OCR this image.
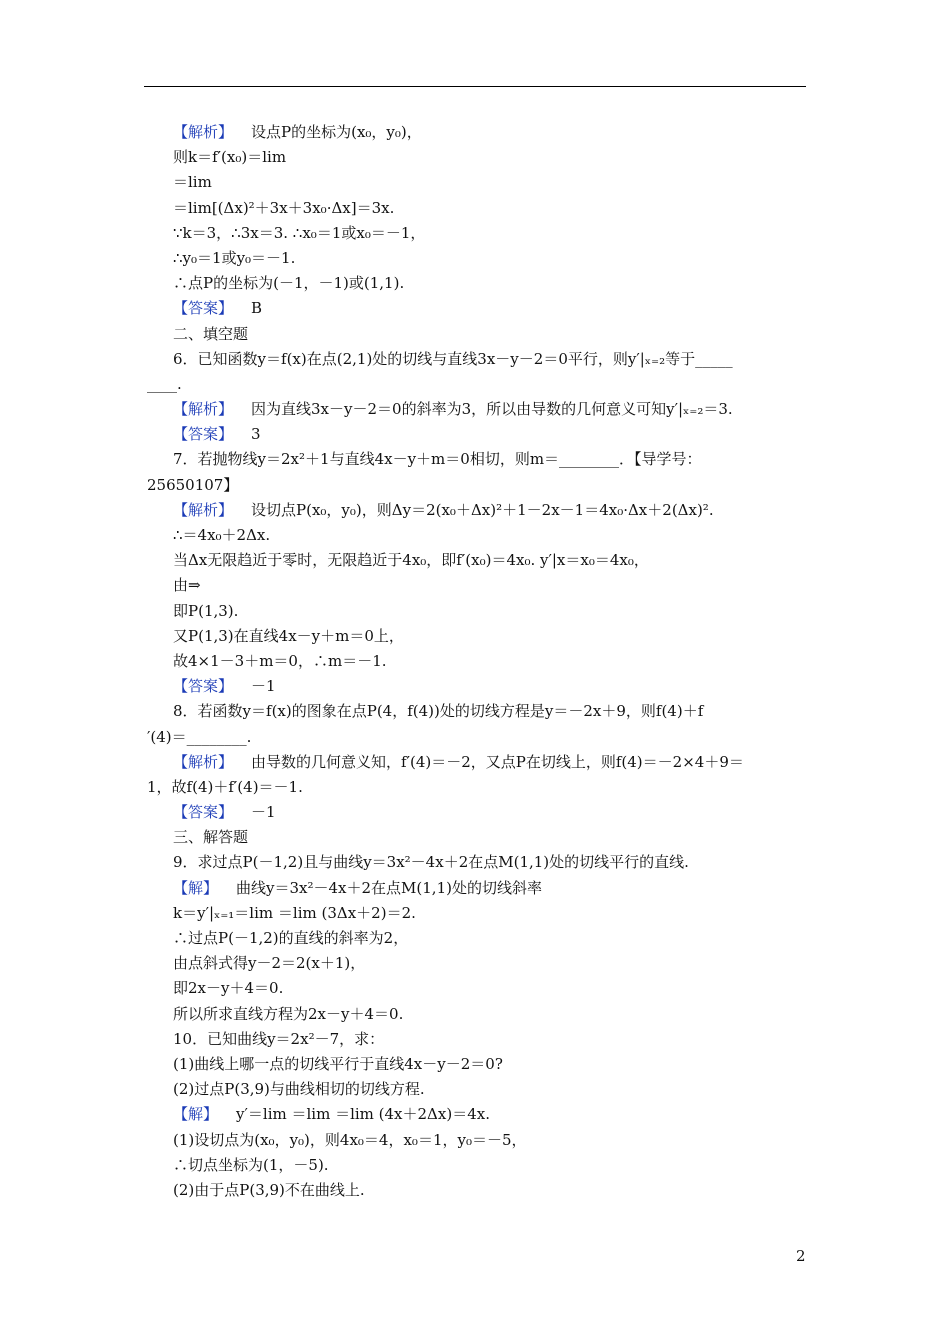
【解析】 设点P的坐标为(x₀，y₀)，
则k＝f′(x₀)＝lim
＝lim
＝lim[(Δx)²＋3x＋3x₀·Δx]＝3x.
∵k＝3，∴3x＝3. ∴x₀＝1或x₀＝－1，
∴y₀＝1或y₀＝－1.
∴点P的坐标为(－1，－1)或(1,1).
【答案】 B
二、填空题
6．已知函数y＝f(x)在点(2,1)处的切线与直线3x－y－2＝0平行，则y′|ₓ₌₂等于_____
____.
【解析】 因为直线3x－y－2＝0的斜率为3，所以由导数的几何意义可知y′|ₓ₌₂＝3.
【答案】 3
7．若抛物线y＝2x²＋1与直线4x－y＋m＝0相切，则m＝________．【导学号：
25650107】
【解析】 设切点P(x₀，y₀)，则Δy＝2(x₀＋Δx)²＋1－2x－1＝4x₀·Δx＋2(Δx)².
∴＝4x₀＋2Δx.
当Δx无限趋近于零时，无限趋近于4x₀，即f′(x₀)＝4x₀. y′|x＝x₀＝4x₀，
由⇒
即P(1,3).
又P(1,3)在直线4x－y＋m＝0上，
故4×1－3＋m＝0，∴m＝－1.
【答案】 －1
8．若函数y＝f(x)的图象在点P(4，f(4))处的切线方程是y＝－2x＋9，则f(4)＋f
′(4)＝________.
【解析】 由导数的几何意义知，f′(4)＝－2，又点P在切线上，则f(4)＝－2×4＋9＝
1，故f(4)＋f′(4)＝－1.
【答案】 －1
三、解答题
9．求过点P(－1,2)且与曲线y＝3x²－4x＋2在点M(1,1)处的切线平行的直线.
【解】 曲线y＝3x²－4x＋2在点M(1,1)处的切线斜率
k＝y′|ₓ₌₁＝lim ＝lim (3Δx＋2)＝2.
∴过点P(－1,2)的直线的斜率为2，
由点斜式得y－2＝2(x＋1)，
即2x－y＋4＝0.
所以所求直线方程为2x－y＋4＝0.
10．已知曲线y＝2x²－7，求：
(1)曲线上哪一点的切线平行于直线4x－y－2＝0?
(2)过点P(3,9)与曲线相切的切线方程.
【解】 y′＝lim ＝lim ＝lim (4x＋2Δx)＝4x.
(1)设切点为(x₀，y₀)，则4x₀＝4，x₀＝1，y₀＝－5，
∴切点坐标为(1，－5).
(2)由于点P(3,9)不在曲线上.
2
